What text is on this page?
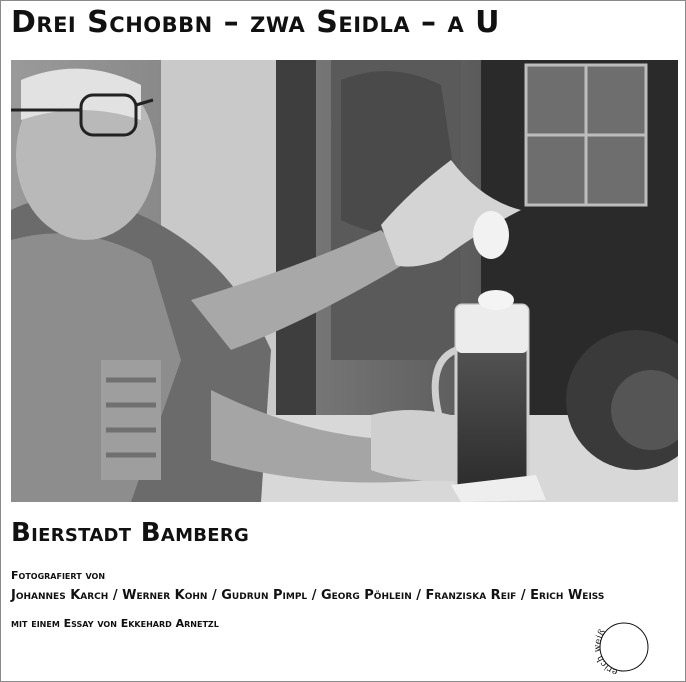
Drei Schobbn – zwa Seidla – a U
Bierstadt Bamberg
Fotografiert von
Johannes Karch / Werner Kohn / Gudrun Pimpl / Georg Pöhlein / Franziska Reif / Erich Weiss
mit einem Essay von Ekkehard Arnetzl
erich eiß
verlag
